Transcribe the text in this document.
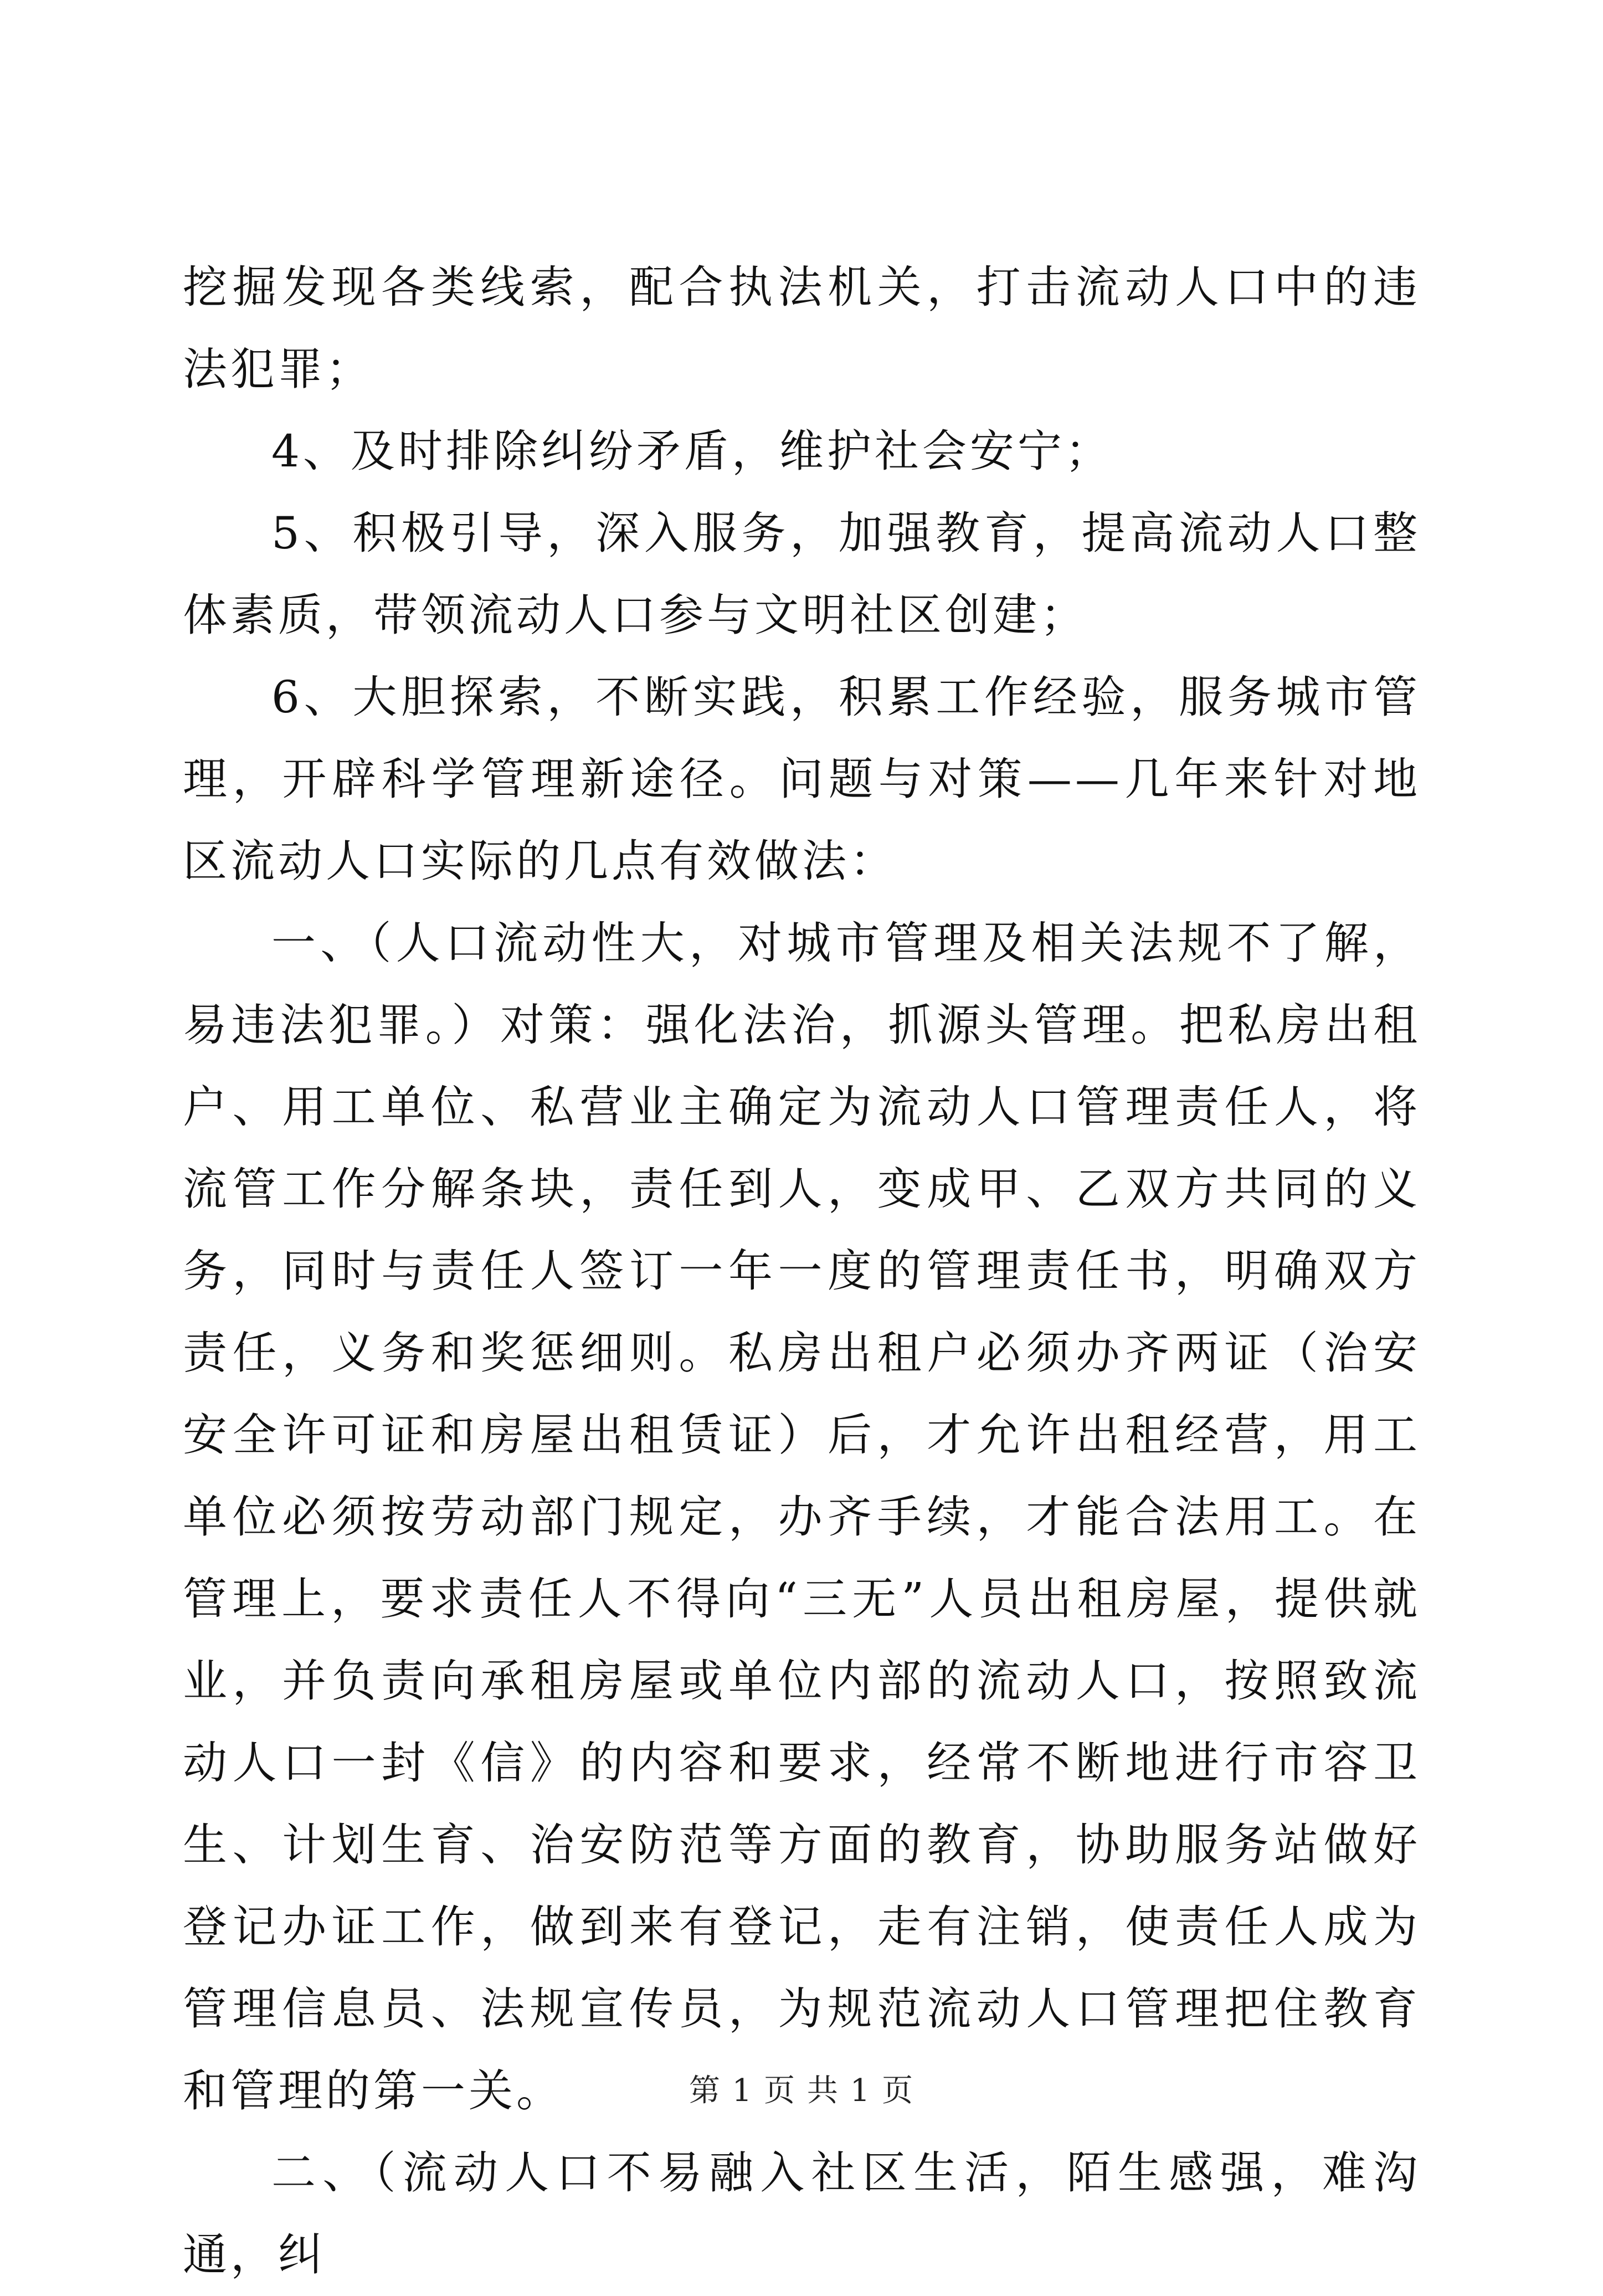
挖掘发现各类线索，配合执法机关，打击流动人口中的违法犯罪；

4、及时排除纠纷矛盾，维护社会安宁；

5、积极引导，深入服务，加强教育，提高流动人口整体素质，带领流动人口参与文明社区创建；

6、大胆探索，不断实践，积累工作经验，服务城市管理，开辟科学管理新途径。问题与对策——几年来针对地区流动人口实际的几点有效做法：

一、（人口流动性大，对城市管理及相关法规不了解，易违法犯罪。）对策：强化法治，抓源头管理。把私房出租户、用工单位、私营业主确定为流动人口管理责任人，将流管工作分解条块，责任到人，变成甲、乙双方共同的义务，同时与责任人签订一年一度的管理责任书，明确双方责任，义务和奖惩细则。私房出租户必须办齐两证（治安安全许可证和房屋出租赁证）后，才允许出租经营，用工单位必须按劳动部门规定，办齐手续，才能合法用工。在管理上，要求责任人不得向“三无”人员出租房屋，提供就业，并负责向承租房屋或单位内部的流动人口，按照致流动人口一封《信》的内容和要求，经常不断地进行市容卫生、计划生育、治安防范等方面的教育，协助服务站做好登记办证工作，做到来有登记，走有注销，使责任人成为管理信息员、法规宣传员，为规范流动人口管理把住教育和管理的第一关。

二、（流动人口不易融入社区生活，陌生感强，难沟通，纠

第 1 页 共 1 页
